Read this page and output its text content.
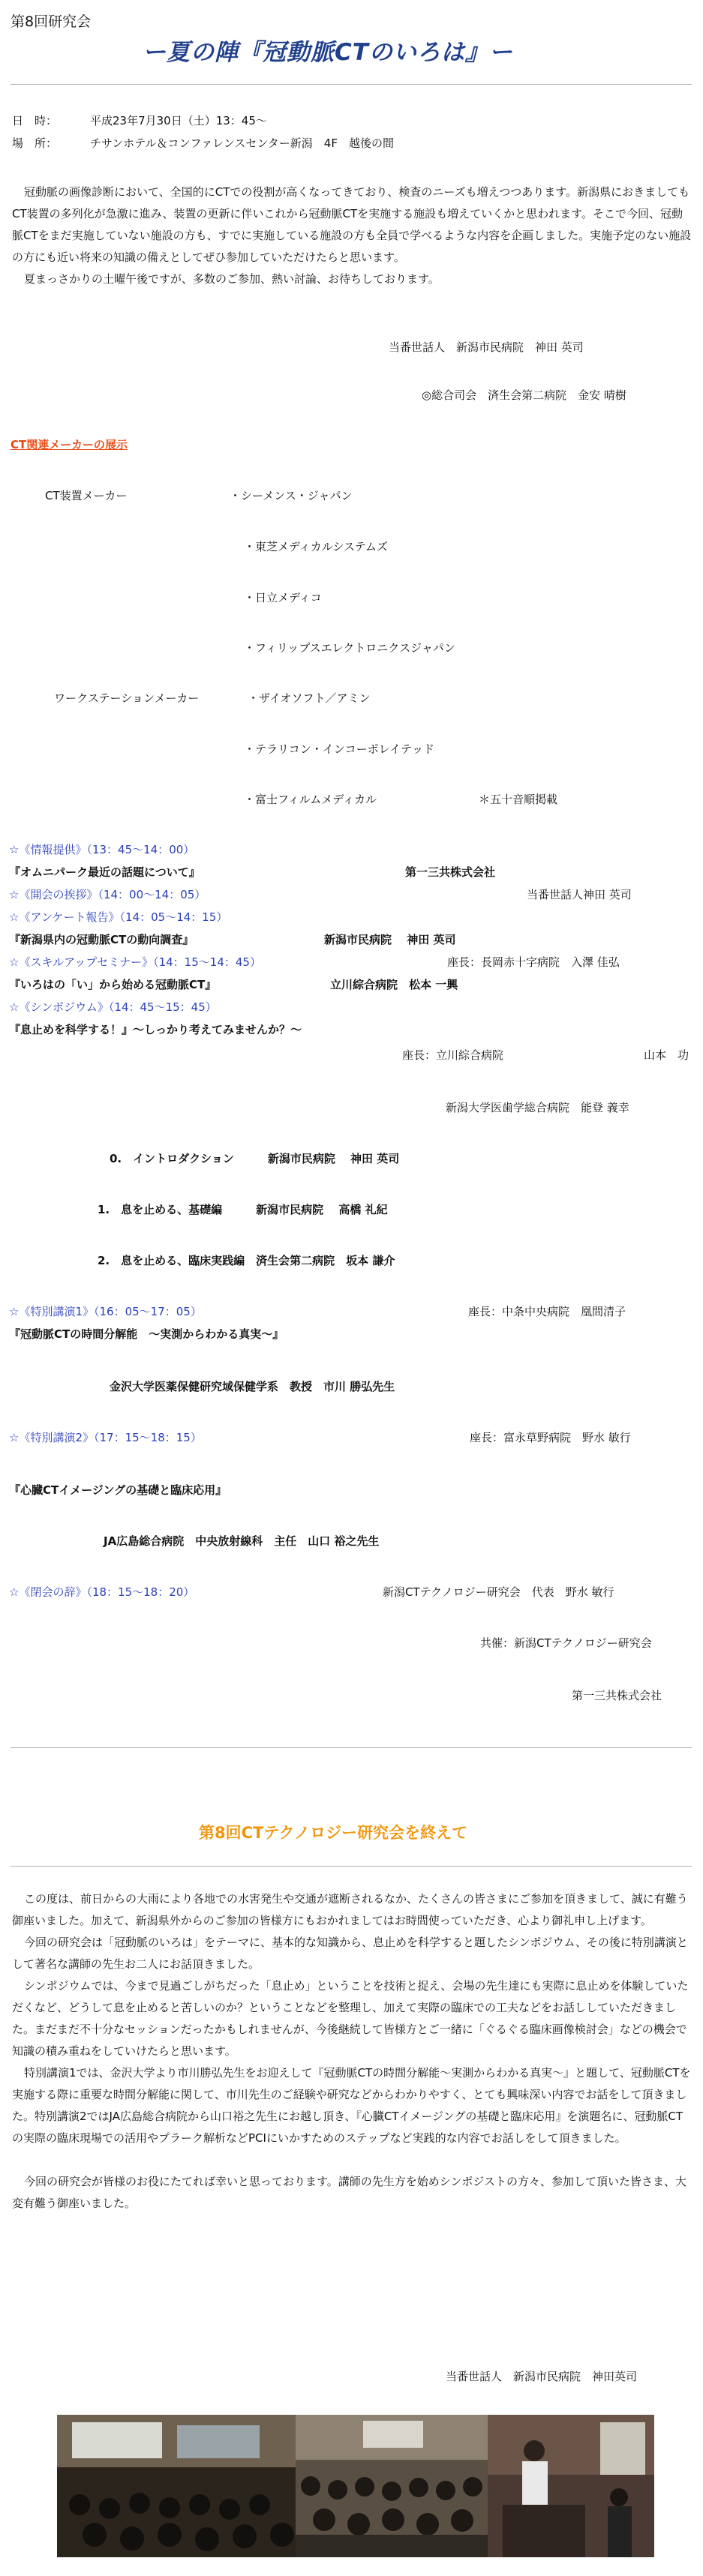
第8回研究会
ー夏の陣『冠動脈CTのいろは』ー
日　時：	平成23年7月30日（土）13：45～
場　所：	チサンホテル＆コンファレンスセンター新潟　4F　越後の間

冠動脈の画像診断において、全国的にCTでの役割が高くなってきており、検査のニーズも増えつつあります。新潟県におきましてもCT装置の多列化が急激に進み、装置の更新に伴いこれから冠動脈CTを実施する施設も増えていくかと思われます。そこで今回、冠動脈CTをまだ実施していない施設の方も、すでに実施している施設の方も全員で学べるような内容を企画しました。実施予定のない施設の方にも近い将来の知識の備えとしてぜひ参加していただけたらと思います。

夏まっさかりの土曜午後ですが、多数のご参加、熱い討論、お待ちしております。

当番世話人　新潟市民病院　神田 英司
◎総合司会　済生会第二病院　金安 晴樹
CT関連メーカーの展示
CT装置メーカー	・シーメンス・ジャパン
・東芝メディカルシステムズ
・日立メディコ
・フィリップスエレクトロニクスジャパン
ワークステーションメーカー	・ザイオソフト／アミン
・テラリコン・インコーポレイテッド
・富士フィルムメディカル	＊五十音順掲載
☆《情報提供》（13：45～14：00）
『オムニパーク最近の話題について』	第一三共株式会社
☆《開会の挨拶》（14：00～14：05）	当番世話人神田 英司
☆《アンケート報告》（14：05～14：15）
『新潟県内の冠動脈CTの動向調査』	新潟市民病院　 神田 英司
☆《スキルアップセミナー》（14：15～14：45）	座長：長岡赤十字病院　入澤 佳弘
『いろはの「い」から始める冠動脈CT』	立川綜合病院　松本 一興
☆《シンポジウム》（14：45～15：45）
『息止めを科学する！』～しっかり考えてみませんか？～
座長：立川綜合病院	山本　功
新潟大学医歯学総合病院　能登 義幸
0.　イントロダクション　　　新潟市民病院　 神田 英司
1.　息を止める、基礎編　　　新潟市民病院　 高橋 礼紀
2.　息を止める、臨床実践編　済生会第二病院　坂本 謙介
☆《特別講演1》（16：05～17：05）	座長：中条中央病院　凰間清子
『冠動脈CTの時間分解能　～実測からわかる真実～』
金沢大学医薬保健研究域保健学系　教授　市川 勝弘先生
☆《特別講演2》（17：15～18：15）	座長：富永草野病院　野水 敏行
『心臓CTイメージングの基礎と臨床応用』
JA広島総合病院　中央放射線科　主任　山口 裕之先生
☆《閉会の辞》（18：15～18：20）	新潟CTテクノロジー研究会　代表　野水 敏行
共催：新潟CTテクノロジー研究会
第一三共株式会社
第8回CTテクノロジー研究会を終えて

この度は、前日からの大雨により各地での水害発生や交通が遮断されるなか、たくさんの皆さまにご参加を頂きまして、誠に有難う御座いました。加えて、新潟県外からのご参加の皆様方にもおかれましてはお時間使っていただき、心より御礼申し上げます。

今回の研究会は「冠動脈のいろは」をテーマに、基本的な知識から、息止めを科学すると題したシンポジウム、その後に特別講演として著名な講師の先生お二人にお話頂きました。

シンポジウムでは、今まで見過ごしがちだった「息止め」ということを技術と捉え、会場の先生達にも実際に息止めを体験していただくなど、どうして息を止めると苦しいのか？ということなどを整理し、加えて実際の臨床での工夫などをお話ししていただきました。まだまだ不十分なセッションだったかもしれませんが、今後継続して皆様方とご一緒に「ぐるぐる臨床画像検討会」などの機会で知識の積み重ねをしていけたらと思います。

特別講演1では、金沢大学より市川勝弘先生をお迎えして『冠動脈CTの時間分解能～実測からわかる真実～』と題して、冠動脈CTを実施する際に重要な時間分解能に関して、市川先生のご経験や研究などからわかりやすく、とても興味深い内容でお話をして頂きました。特別講演2ではJA広島総合病院から山口裕之先生にお越し頂き、『心臓CTイメージングの基礎と臨床応用』を演題名に、冠動脈CTの実際の臨床現場での活用やプラーク解析などPCIにいかすためのステップなど実践的な内容でお話しをして頂きました。

今回の研究会が皆様のお役にたてれば幸いと思っております。講師の先生方を始めシンポジストの方々、参加して頂いた皆さま、大変有難う御座いました。

当番世話人　新潟市民病院　神田英司
